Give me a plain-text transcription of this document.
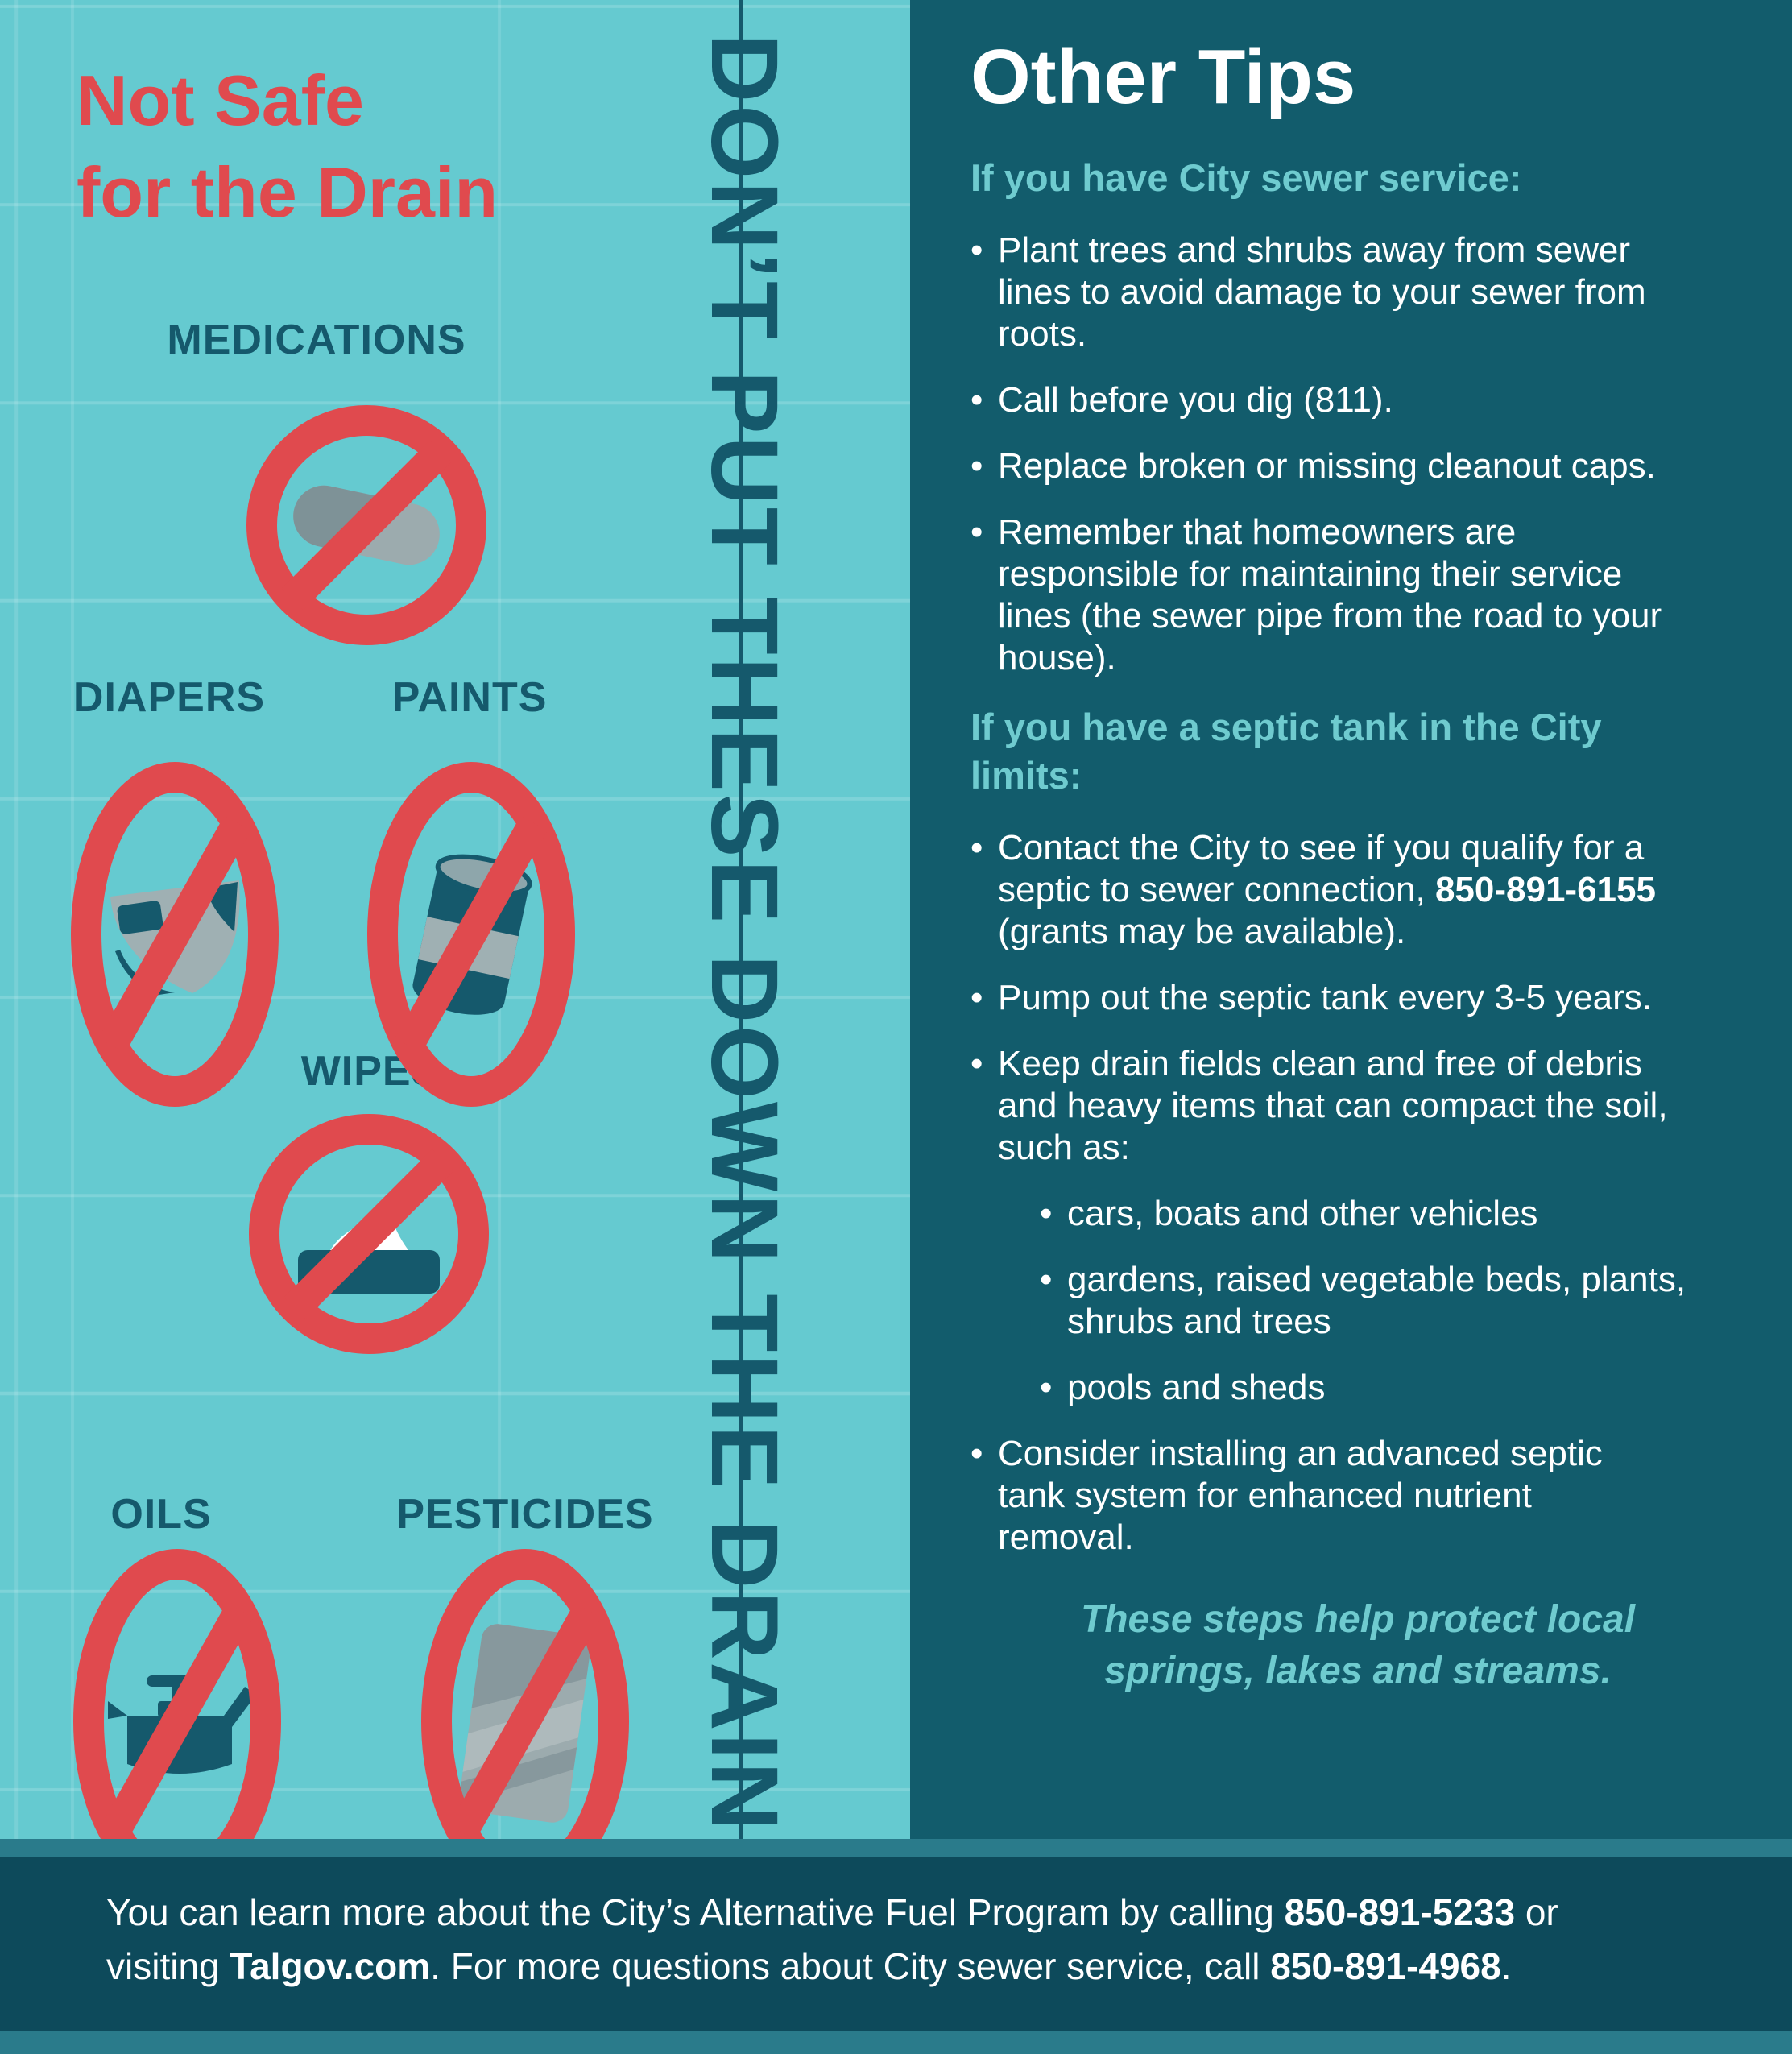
Not Safe
for the Drain
MEDICATIONS
DIAPERS	PAINTS
WIPES
OILS	PESTICIDES DON’T PUT THESE DOWN THE DRAIN Other Tips
If you have City sewer service:
• Plant trees and shrubs away from sewer
lines to avoid damage to your sewer from
roots.
• Call before you dig (811).
• Replace broken or missing cleanout caps.
• Remember that homeowners are
responsible for maintaining their service
lines (the sewer pipe from the road to your
house).
If you have a septic tank in the City
limits:
• Contact the City to see if you qualify for a
septic to sewer connection, 850-891-6155
(grants may be available).
• Pump out the septic tank every 3-5 years.
• Keep drain fields clean and free of debris
and heavy items that can compact the soil,
such as:
• cars, boats and other vehicles
• gardens, raised vegetable beds, plants,
shrubs and trees
• pools and sheds
• Consider installing an advanced septic
tank system for enhanced nutrient
removal.
These steps help protect local
springs, lakes and streams.
You can learn more about the City’s Alternative Fuel Program by calling 850-891-5233 or
visiting Talgov.com. For more questions about City sewer service, call 850-891-4968.
